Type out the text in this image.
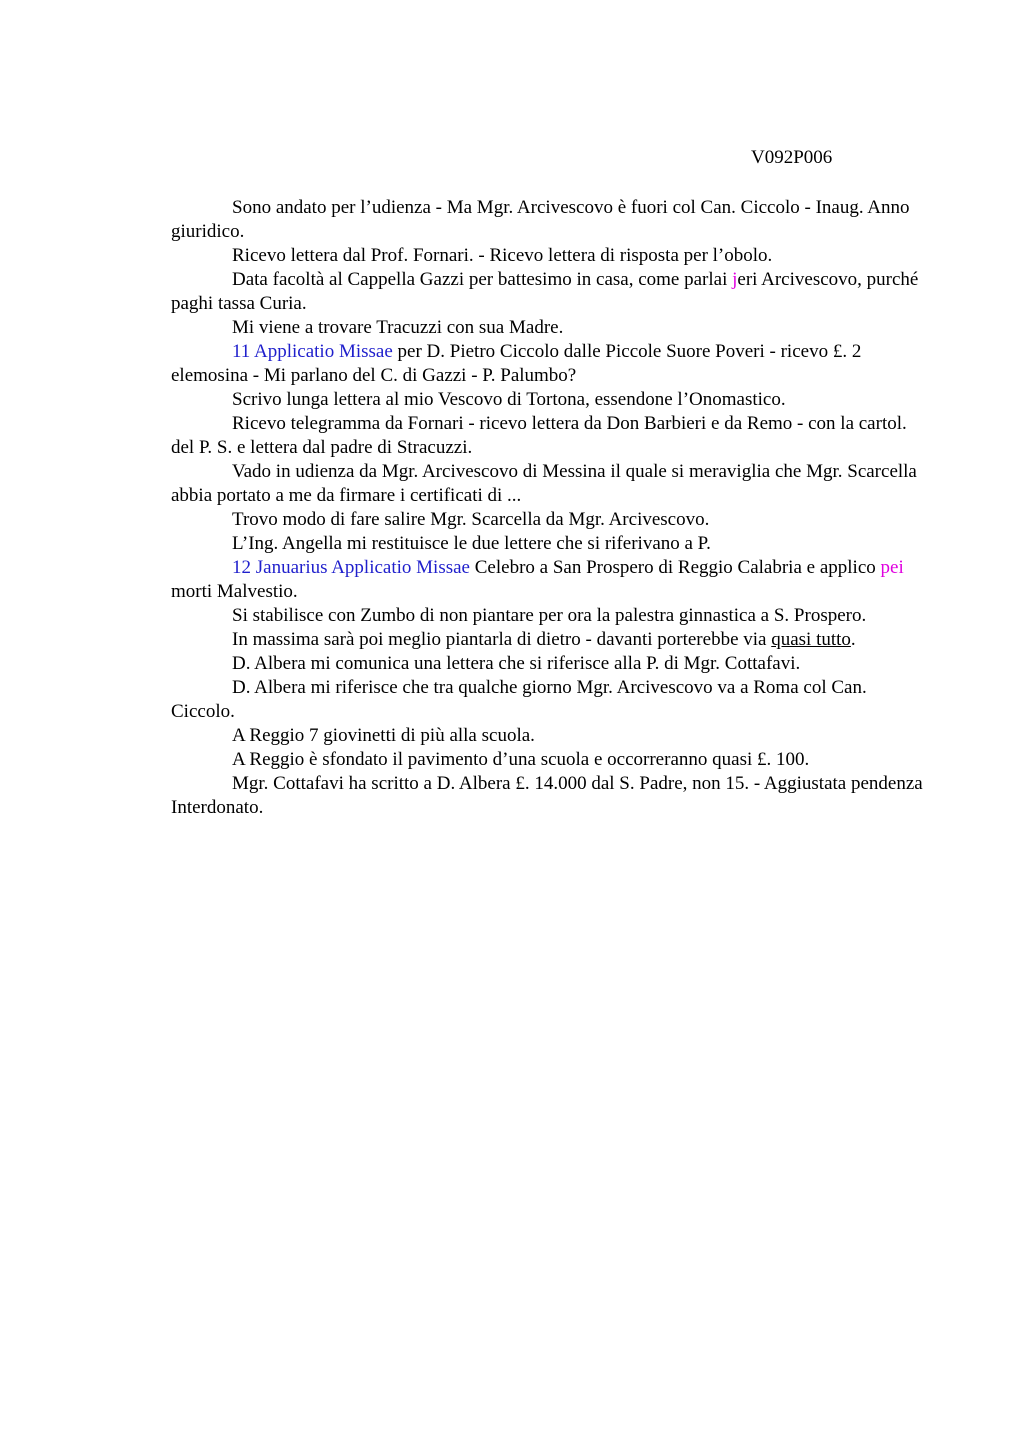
V092P006

Sono andato per l’udienza - Ma Mgr. Arcivescovo è fuori col Can. Ciccolo - Inaug. Anno giuridico.

Ricevo lettera dal Prof. Fornari. - Ricevo lettera di risposta per l’obolo.

Data facoltà al Cappella Gazzi per battesimo in casa, come parlai jeri Arcivescovo, purché paghi tassa Curia.

Mi viene a trovare Tracuzzi con sua Madre.

11 Applicatio Missae per D. Pietro Ciccolo dalle Piccole Suore Poveri - ricevo £. 2 elemosina - Mi parlano del C. di Gazzi - P. Palumbo?

Scrivo lunga lettera al mio Vescovo di Tortona, essendone l’Onomastico.

Ricevo telegramma da Fornari - ricevo lettera da Don Barbieri e da Remo - con la cartol. del P. S. e lettera dal padre di Stracuzzi.

Vado in udienza da Mgr. Arcivescovo di Messina il quale si meraviglia che Mgr. Scarcella abbia portato a me da firmare i certificati di ...

Trovo modo di fare salire Mgr. Scarcella da Mgr. Arcivescovo.

L’Ing. Angella mi restituisce le due lettere che si riferivano a P.

12 Januarius Applicatio Missae Celebro a San Prospero di Reggio Calabria e applico pei morti Malvestio.

Si stabilisce con Zumbo di non piantare per ora la palestra ginnastica a S. Prospero.

In massima sarà poi meglio piantarla di dietro - davanti porterebbe via quasi tutto.

D. Albera mi comunica una lettera che si riferisce alla P. di Mgr. Cottafavi.

D. Albera mi riferisce che tra qualche giorno Mgr. Arcivescovo va a Roma col Can. Ciccolo.

A Reggio 7 giovinetti di più alla scuola.

A Reggio è sfondato il pavimento d’una scuola e occorreranno quasi £. 100.

Mgr. Cottafavi ha scritto a D. Albera £. 14.000 dal S. Padre, non 15. - Aggiustata pendenza Interdonato.
